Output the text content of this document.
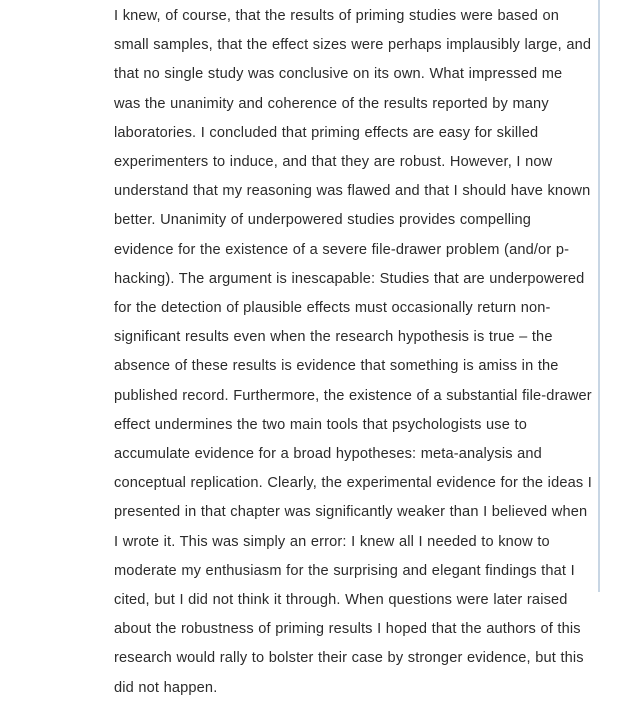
I knew, of course, that the results of priming studies were based on small samples, that the effect sizes were perhaps implausibly large, and that no single study was conclusive on its own. What impressed me was the unanimity and coherence of the results reported by many laboratories. I concluded that priming effects are easy for skilled experimenters to induce, and that they are robust. However, I now understand that my reasoning was flawed and that I should have known better. Unanimity of underpowered studies provides compelling evidence for the existence of a severe file-drawer problem (and/or p-hacking). The argument is inescapable: Studies that are underpowered for the detection of plausible effects must occasionally return non-significant results even when the research hypothesis is true – the absence of these results is evidence that something is amiss in the published record. Furthermore, the existence of a substantial file-drawer effect undermines the two main tools that psychologists use to accumulate evidence for a broad hypotheses: meta-analysis and conceptual replication. Clearly, the experimental evidence for the ideas I presented in that chapter was significantly weaker than I believed when I wrote it. This was simply an error: I knew all I needed to know to moderate my enthusiasm for the surprising and elegant findings that I cited, but I did not think it through. When questions were later raised about the robustness of priming results I hoped that the authors of this research would rally to bolster their case by stronger evidence, but this did not happen.
